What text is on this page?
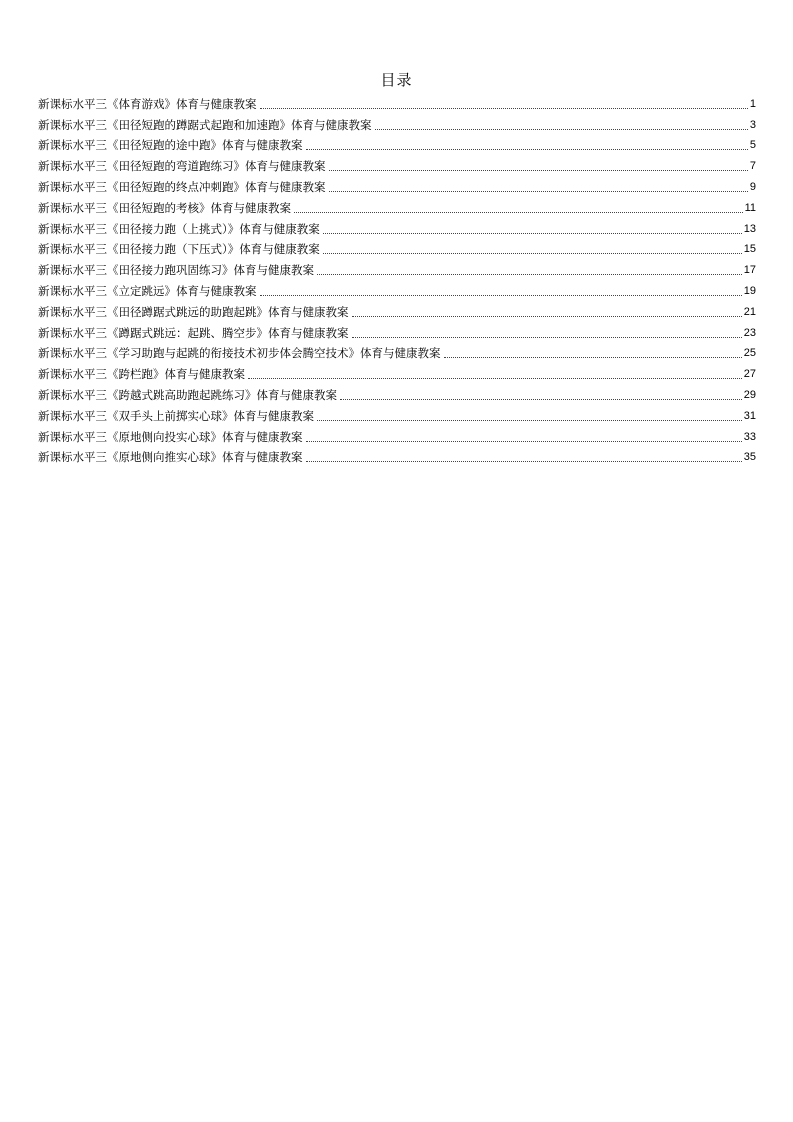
目录
新课标水平三《体育游戏》体育与健康教案	1
新课标水平三《田径短跑的蹲踞式起跑和加速跑》体育与健康教案	3
新课标水平三《田径短跑的途中跑》体育与健康教案	5
新课标水平三《田径短跑的弯道跑练习》体育与健康教案	7
新课标水平三《田径短跑的终点冲刺跑》体育与健康教案	9
新课标水平三《田径短跑的考核》体育与健康教案	11
新课标水平三《田径接力跑（上挑式）》体育与健康教案	13
新课标水平三《田径接力跑（下压式）》体育与健康教案	15
新课标水平三《田径接力跑巩固练习》体育与健康教案	17
新课标水平三《立定跳远》体育与健康教案	19
新课标水平三《田径蹲踞式跳远的助跑起跳》体育与健康教案	21
新课标水平三《蹲踞式跳远：起跳、腾空步》体育与健康教案	23
新课标水平三《学习助跑与起跳的衔接技术初步体会腾空技术》体育与健康教案	25
新课标水平三《跨栏跑》体育与健康教案	27
新课标水平三《跨越式跳高助跑起跳练习》体育与健康教案	29
新课标水平三《双手头上前掷实心球》体育与健康教案	31
新课标水平三《原地侧向投实心球》体育与健康教案	33
新课标水平三《原地侧向推实心球》体育与健康教案	35
